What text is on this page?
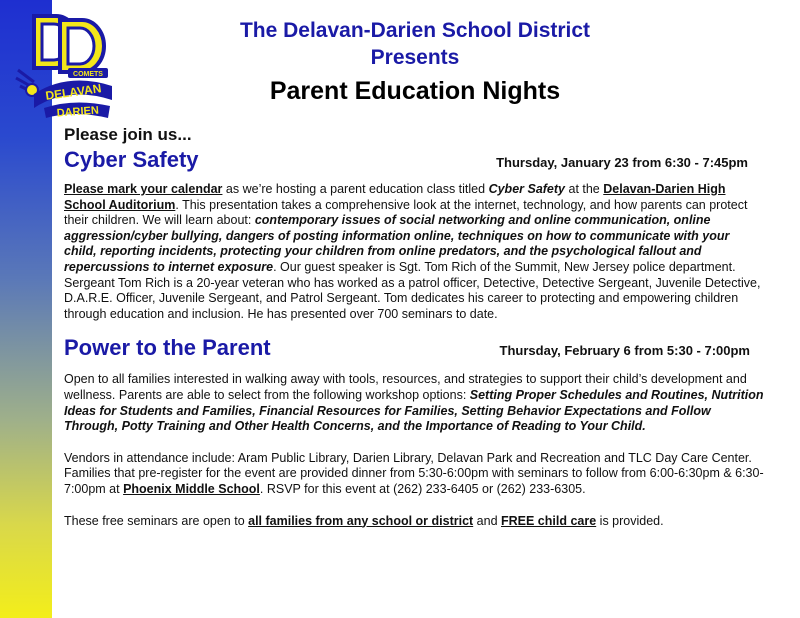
COMETS
DELAVAN
DARIEN
The Delavan-Darien School District
Presents
Parent Education Nights
Please join us...
Cyber Safety	Thursday, January 23 from 6:30 - 7:45pm

Please mark your calendar as we’re hosting a parent education class titled Cyber Safety at the Delavan-Darien High School Auditorium. This presentation takes a comprehensive look at the internet, technology, and how parents can protect their children. We will learn about: contemporary issues of social networking and online communication, online aggression/cyber bullying, dangers of posting information online, techniques on how to communicate with your child, reporting incidents, protecting your children from online predators, and the psychological fallout and repercussions to internet exposure. Our guest speaker is Sgt. Tom Rich of the Summit, New Jersey police department. Sergeant Tom Rich is a 20-year veteran who has worked as a patrol officer, Detective, Detective Sergeant, Juvenile Detective, D.A.R.E. Officer, Juvenile Sergeant, and Patrol Sergeant. Tom dedicates his career to protecting and empowering children through education and inclusion. He has presented over 700 seminars to date.

Power to the Parent	Thursday, February 6 from 5:30 - 7:00pm

Open to all families interested in walking away with tools, resources, and strategies to support their child’s development and wellness. Parents are able to select from the following workshop options: Setting Proper Schedules and Routines, Nutrition Ideas for Students and Families, Financial Resources for Families, Setting Behavior Expectations and Follow Through, Potty Training and Other Health Concerns, and the Importance of Reading to Your Child.

Vendors in attendance include: Aram Public Library, Darien Library, Delavan Park and Recreation and TLC Day Care Center. Families that pre-register for the event are provided dinner from 5:30-6:00pm with seminars to follow from 6:00-6:30pm & 6:30-7:00pm at Phoenix Middle School. RSVP for this event at (262) 233-6405 or (262) 233-6305.

These free seminars are open to all families from any school or district and FREE child care is provided.
